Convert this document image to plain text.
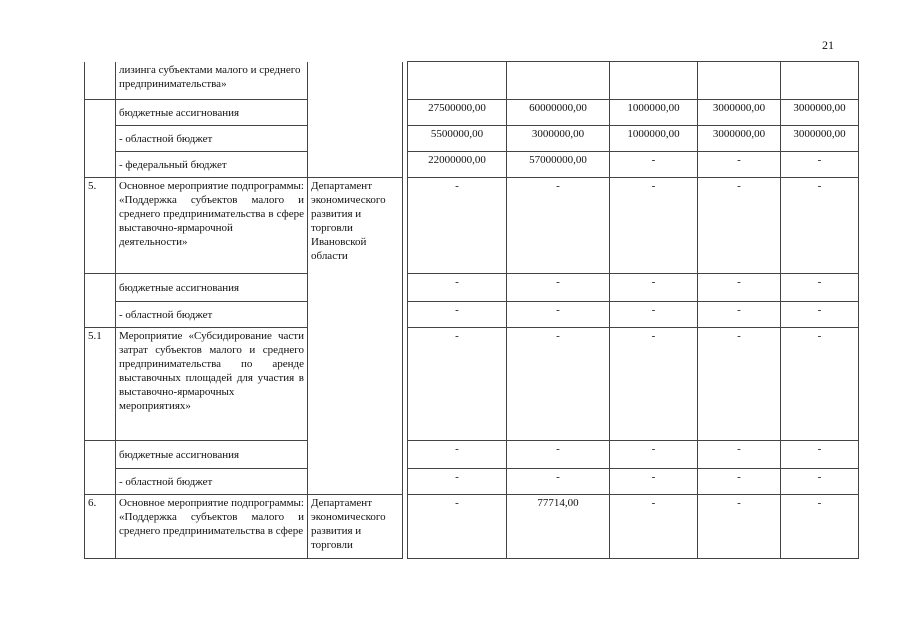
21
	лизинга субъектами малого и среднего предпринимательства»							
	бюджетные ассигнования			27500000,00	60000000,00	1000000,00	3000000,00	3000000,00
	- областной бюджет			5500000,00	3000000,00	1000000,00	3000000,00	3000000,00
	- федеральный бюджет			22000000,00	57000000,00	-	-	-
5.	Основное мероприятие подпрограммы: «Поддержка субъектов малого и среднего предпринимательства в сфере выставочно-ярмарочной деятельности»	Департамент экономического развития и торговли Ивановской области		-	-	-	-	-
	бюджетные ассигнования			-	-	-	-	-
	- областной бюджет			-	-	-	-	-
5.1	Мероприятие «Субсидирование части затрат субъектов малого и среднего предпринимательства по аренде выставочных площадей для участия в выставочно-ярмарочных мероприятиях»			-	-	-	-	-
	бюджетные ассигнования			-	-	-	-	-
	- областной бюджет			-	-	-	-	-
6.	Основное мероприятие подпрограммы: «Поддержка субъектов малого и среднего предпринимательства в сфере	Департамент экономического развития и торговли		-	77714,00	-	-	-
